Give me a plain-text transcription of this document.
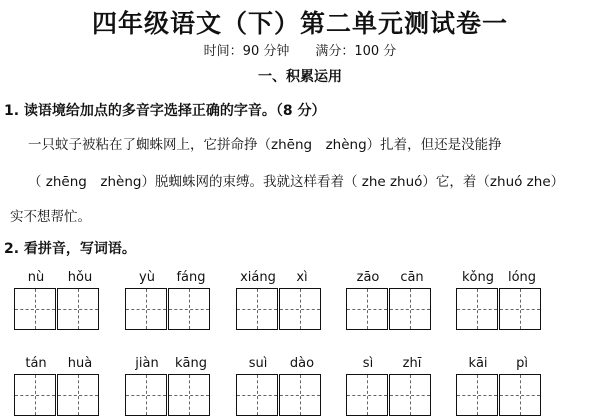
四年级语文（下）第二单元测试卷一
时间：90 分钟 满分：100 分
一、积累运用
1. 读语境给加点的多音字选择正确的字音。（8 分）
一只蚊子被粘在了蜘蛛网上，它拼命挣（zhēng　zhèng）扎着，但还是没能挣
（ zhēng　zhèng）脱蜘蛛网的束缚。我就这样看着（ zhe zhuó）它，着（zhuó zhe）
实不想帮忙。
2. 看拼音，写词语。
nù	hǒu	yù	fáng	xiáng	xì	zāo	cān	kǒng	lóng
tán	huà	jiàn	kāng	suì	dào	sì	zhī	kāi	pì
